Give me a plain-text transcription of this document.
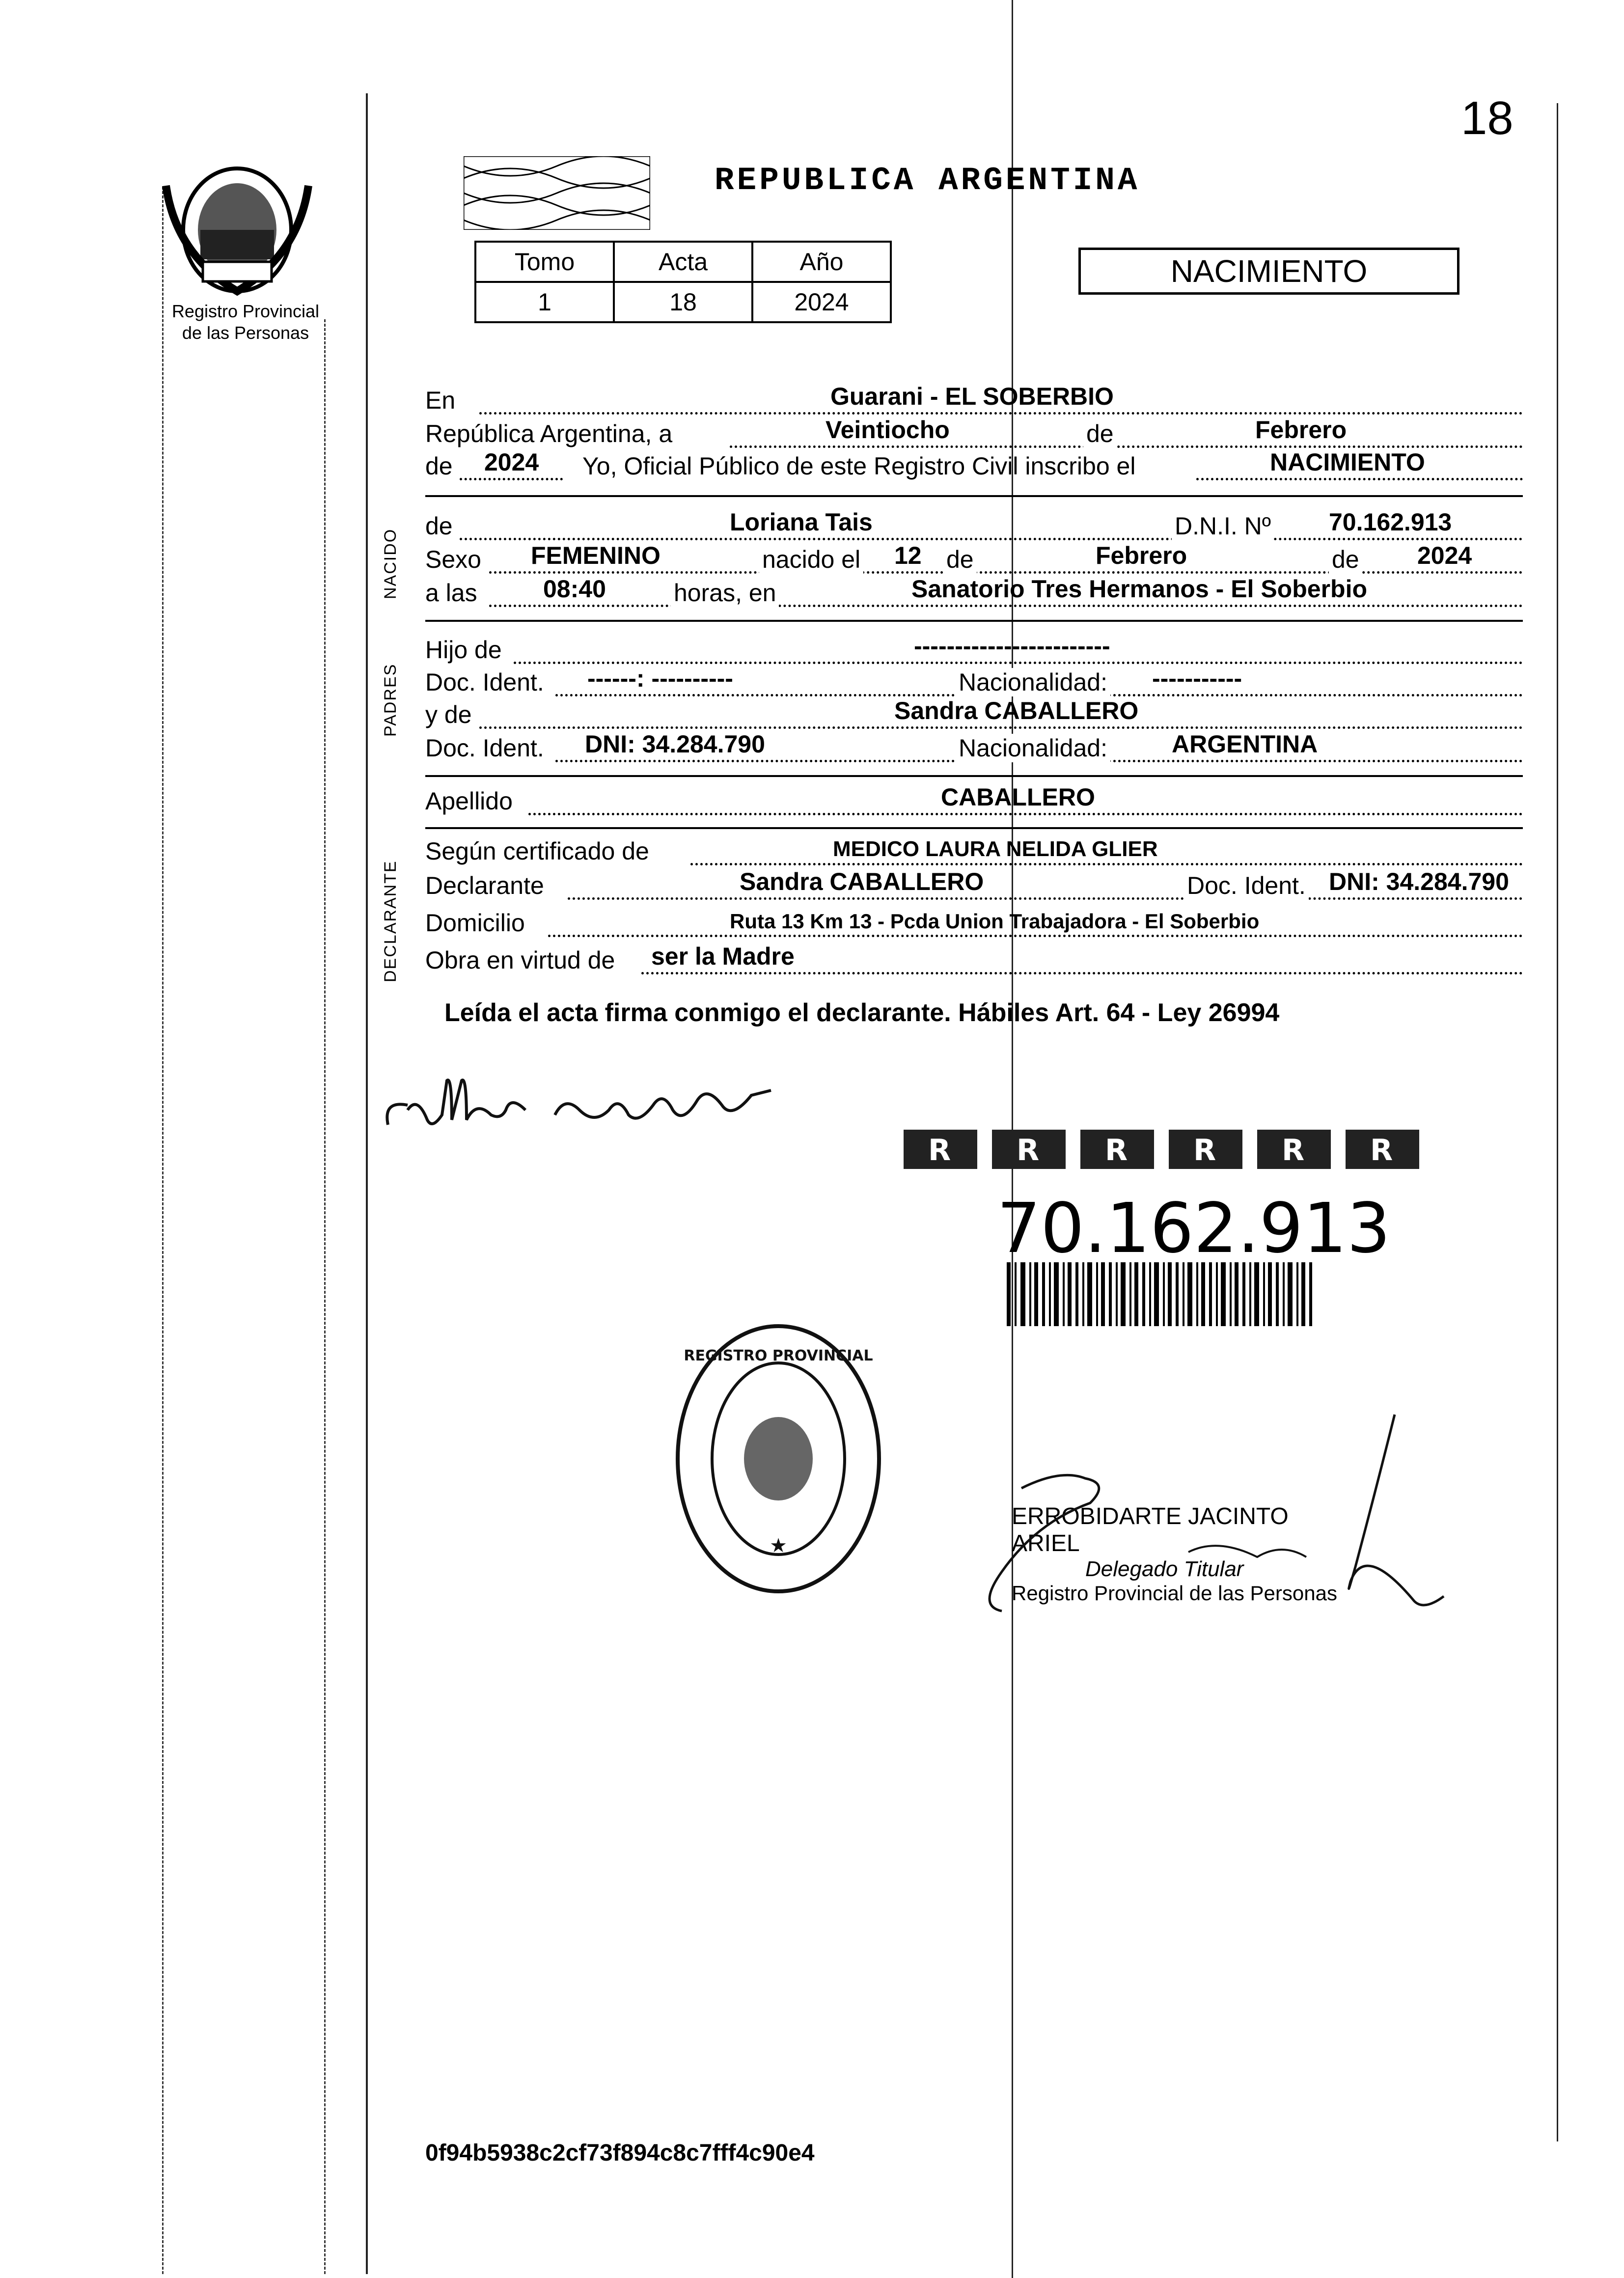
Registro Provincial
de las Personas
18
REPUBLICA ARGENTINA
Tomo	Acta	Año
1	18	2024
NACIMIENTO
En	Guarani - EL SOBERBIO
República Argentina, a	Veintiocho	de	Febrero
de 2024 Yo, Oficial Público de este Registro Civil inscribo el	NACIMIENTO
NACIDO
de	Loriana Tais	D.N.I. Nº 70.162.913
Sexo FEMENINO	nacido el 12 de	Febrero	de 2024
a las	08:40	horas, en	Sanatorio Tres Hermanos - El Soberbio
PADRES
Hijo de	------------------------
Doc. Ident. ------: ----------	Nacionalidad: -----------
y de	Sandra CABALLERO
Doc. Ident. DNI: 34.284.790	Nacionalidad:	ARGENTINA
Apellido	CABALLERO
DECLARANTE
Según certificado de	MEDICO LAURA NELIDA GLIER
Declarante	Sandra CABALLERO	Doc. Ident. DNI: 34.284.790
Domicilio	Ruta 13 Km 13 - Pcda Union Trabajadora - El Soberbio
Obra en virtud de ser la Madre
Leída el acta firma conmigo el declarante. Hábiles Art. 64 - Ley 26994
R R R R R R
70.162.913
REGISTRO PROVINCIAL
★
ERROBIDARTE JACINTO ARIEL
Delegado Titular
Registro Provincial de las Personas
0f94b5938c2cf73f894c8c7fff4c90e4
